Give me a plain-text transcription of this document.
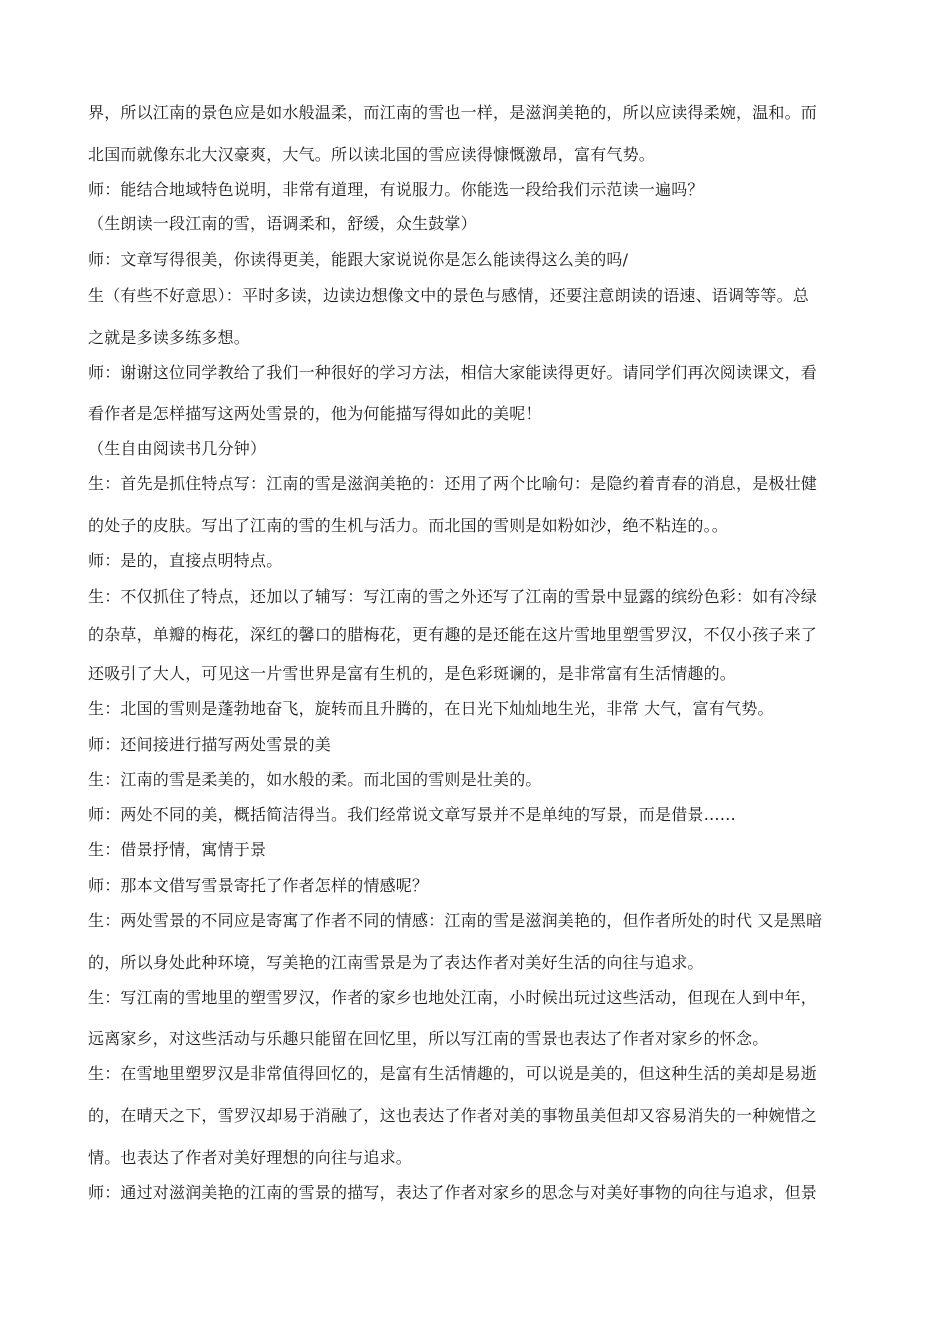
界，所以江南的景色应是如水般温柔，而江南的雪也一样，是滋润美艳的，所以应读得柔婉，温和。而
北国而就像东北大汉豪爽，大气。所以读北国的雪应读得慷慨激昂，富有气势。
师：能结合地域特色说明，非常有道理，有说服力。你能选一段给我们示范读一遍吗？
（生朗读一段江南的雪，语调柔和，舒缓，众生鼓掌）
师：文章写得很美，你读得更美，能跟大家说说你是怎么能读得这么美的吗/
生（有些不好意思）：平时多读，边读边想像文中的景色与感情，还要注意朗读的语速、语调等等。总
之就是多读多练多想。
师：谢谢这位同学教给了我们一种很好的学习方法，相信大家能读得更好。请同学们再次阅读课文，看
看作者是怎样描写这两处雪景的，他为何能描写得如此的美呢！
（生自由阅读书几分钟）
生：首先是抓住特点写：江南的雪是滋润美艳的：还用了两个比喻句：是隐约着青春的消息，是极壮健
的处子的皮肤。写出了江南的雪的生机与活力。而北国的雪则是如粉如沙，绝不粘连的。。
师：是的，直接点明特点。
生：不仅抓住了特点，还加以了辅写：写江南的雪之外还写了江南的雪景中显露的缤纷色彩：如有冷绿
的杂草，单瓣的梅花，深红的馨口的腊梅花，更有趣的是还能在这片雪地里塑雪罗汉，不仅小孩子来了
还吸引了大人，可见这一片雪世界是富有生机的，是色彩斑谰的，是非常富有生活情趣的。
生：北国的雪则是蓬勃地奋飞，旋转而且升腾的，在日光下灿灿地生光，非常 大气，富有气势。
师：还间接进行描写两处雪景的美
生：江南的雪是柔美的，如水般的柔。而北国的雪则是壮美的。
师：两处不同的美，概括简洁得当。我们经常说文章写景并不是单纯的写景，而是借景……
生：借景抒情，寓情于景
师：那本文借写雪景寄托了作者怎样的情感呢？
生：两处雪景的不同应是寄寓了作者不同的情感：江南的雪是滋润美艳的，但作者所处的时代 又是黑暗
的，所以身处此种环境，写美艳的江南雪景是为了表达作者对美好生活的向往与追求。
生：写江南的雪地里的塑雪罗汉，作者的家乡也地处江南，小时候出玩过这些活动，但现在人到中年，
远离家乡，对这些活动与乐趣只能留在回忆里，所以写江南的雪景也表达了作者对家乡的怀念。
生：在雪地里塑罗汉是非常值得回忆的，是富有生活情趣的，可以说是美的，但这种生活的美却是易逝
的，在晴天之下，雪罗汉却易于消融了，这也表达了作者对美的事物虽美但却又容易消失的一种婉惜之
情。也表达了作者对美好理想的向往与追求。
师：通过对滋润美艳的江南的雪景的描写，表达了作者对家乡的思念与对美好事物的向往与追求，但景
